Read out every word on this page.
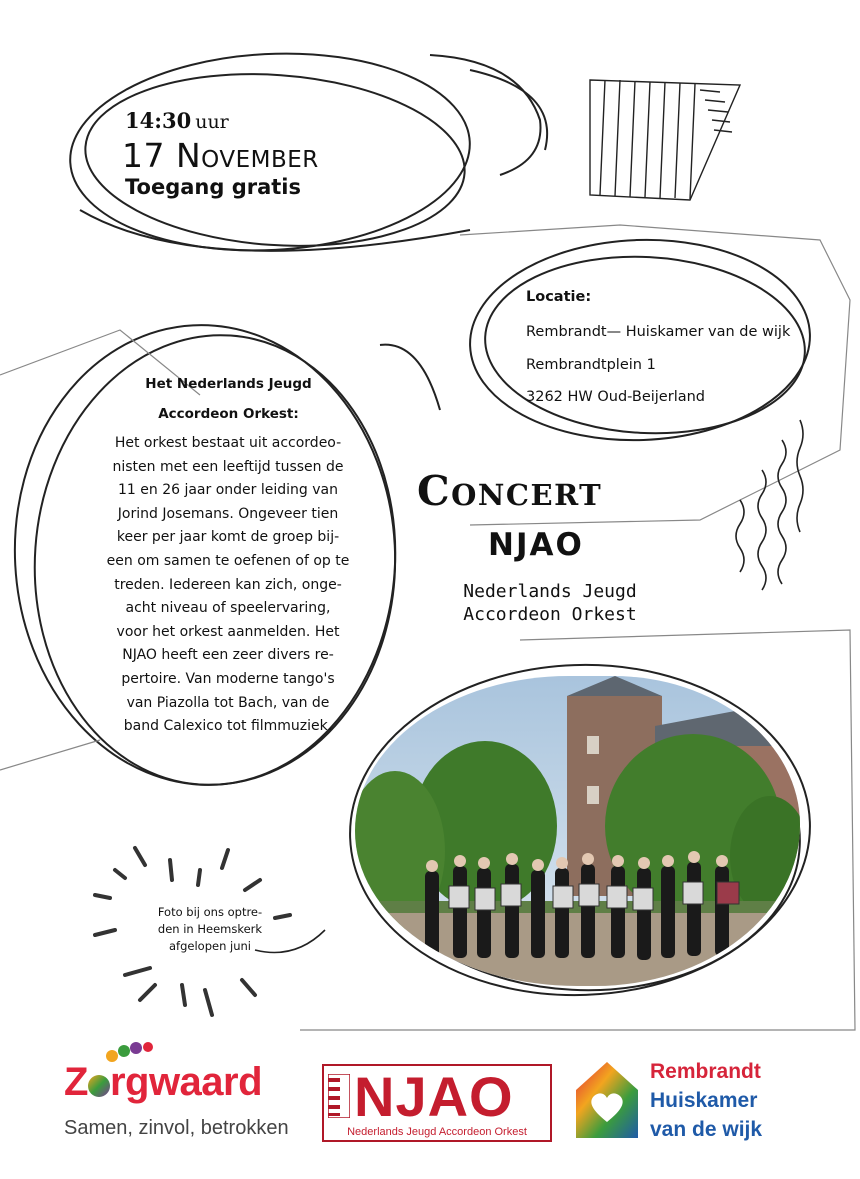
14:30 uur
17 November
Toegang gratis
Locatie:
Rembrandt— Huiskamer van de wijk
Rembrandtplein 1
3262 HW Oud-Beijerland
Het Nederlands Jeugd
Accordeon Orkest:
Het orkest bestaat uit accordeo-
nisten met een leeftijd tussen de
11 en 26 jaar onder leiding van
Jorind Josemans. Ongeveer tien
keer per jaar komt de groep bij-
een om samen te oefenen of op te
treden. Iedereen kan zich, onge-
acht niveau of speelervaring,
voor het orkest aanmelden. Het
NJAO heeft een zeer divers re-
pertoire. Van moderne tango's
van Piazolla tot Bach, van de
band Calexico tot filmmuziek.
Concert
NJAO
Nederlands Jeugd
Accordeon Orkest
Foto bij ons optre-
den in Heemskerk
afgelopen juni
Z rgwaard
Samen, zinvol, betrokken NJAO
Nederlands Jeugd Accordeon Orkest
Rembrandt
Huiskamer
van de wijk
